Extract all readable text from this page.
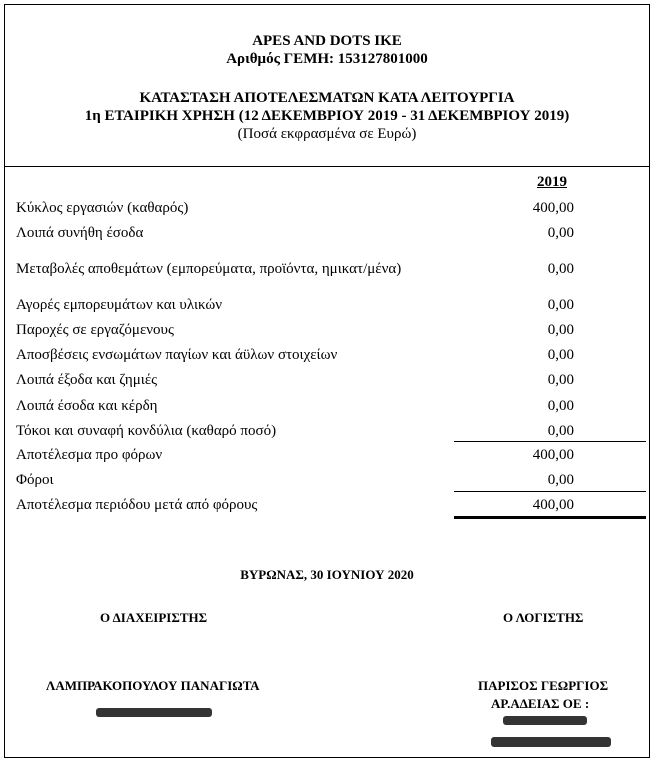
APES AND DOTS IKE
Αριθμός ΓΕΜΗ: 153127801000
ΚΑΤΑΣΤΑΣΗ ΑΠΟΤΕΛΕΣΜΑΤΩΝ ΚΑΤΑ ΛΕΙΤΟΥΡΓΙΑ
1η ΕΤΑΙΡΙΚΗ ΧΡΗΣΗ (12 ΔΕΚΕΜΒΡΙΟΥ 2019 - 31 ΔΕΚΕΜΒΡΙΟΥ 2019)
(Ποσά εκφρασμένα σε Ευρώ)
2019
Κύκλος εργασιών (καθαρός)	400,00
Λοιπά συνήθη έσοδα	0,00
Μεταβολές αποθεμάτων (εμπορεύματα, προϊόντα, ημικατ/μένα)	0,00
Αγορές εμπορευμάτων και υλικών	0,00
Παροχές σε εργαζόμενους	0,00
Αποσβέσεις ενσωμάτων παγίων και άϋλων στοιχείων	0,00
Λοιπά έξοδα και ζημιές	0,00
Λοιπά έσοδα και κέρδη	0,00
Τόκοι και συναφή κονδύλια (καθαρό ποσό)	0,00
Αποτέλεσμα προ φόρων	400,00
Φόροι	0,00
Αποτέλεσμα περιόδου μετά από φόρους	400,00
ΒΥΡΩΝΑΣ, 30 ΙΟΥΝΙΟΥ 2020
Ο ΔΙΑΧΕΙΡΙΣΤΗΣ	Ο ΛΟΓΙΣΤΗΣ
ΛΑΜΠΡΑΚΟΠΟΥΛΟΥ ΠΑΝΑΓΙΩΤΑ	ΠΑΡΙΣΟΣ ΓΕΩΡΓΙΟΣ
ΑΡ.ΑΔΕΙΑΣ ΟΕ :
